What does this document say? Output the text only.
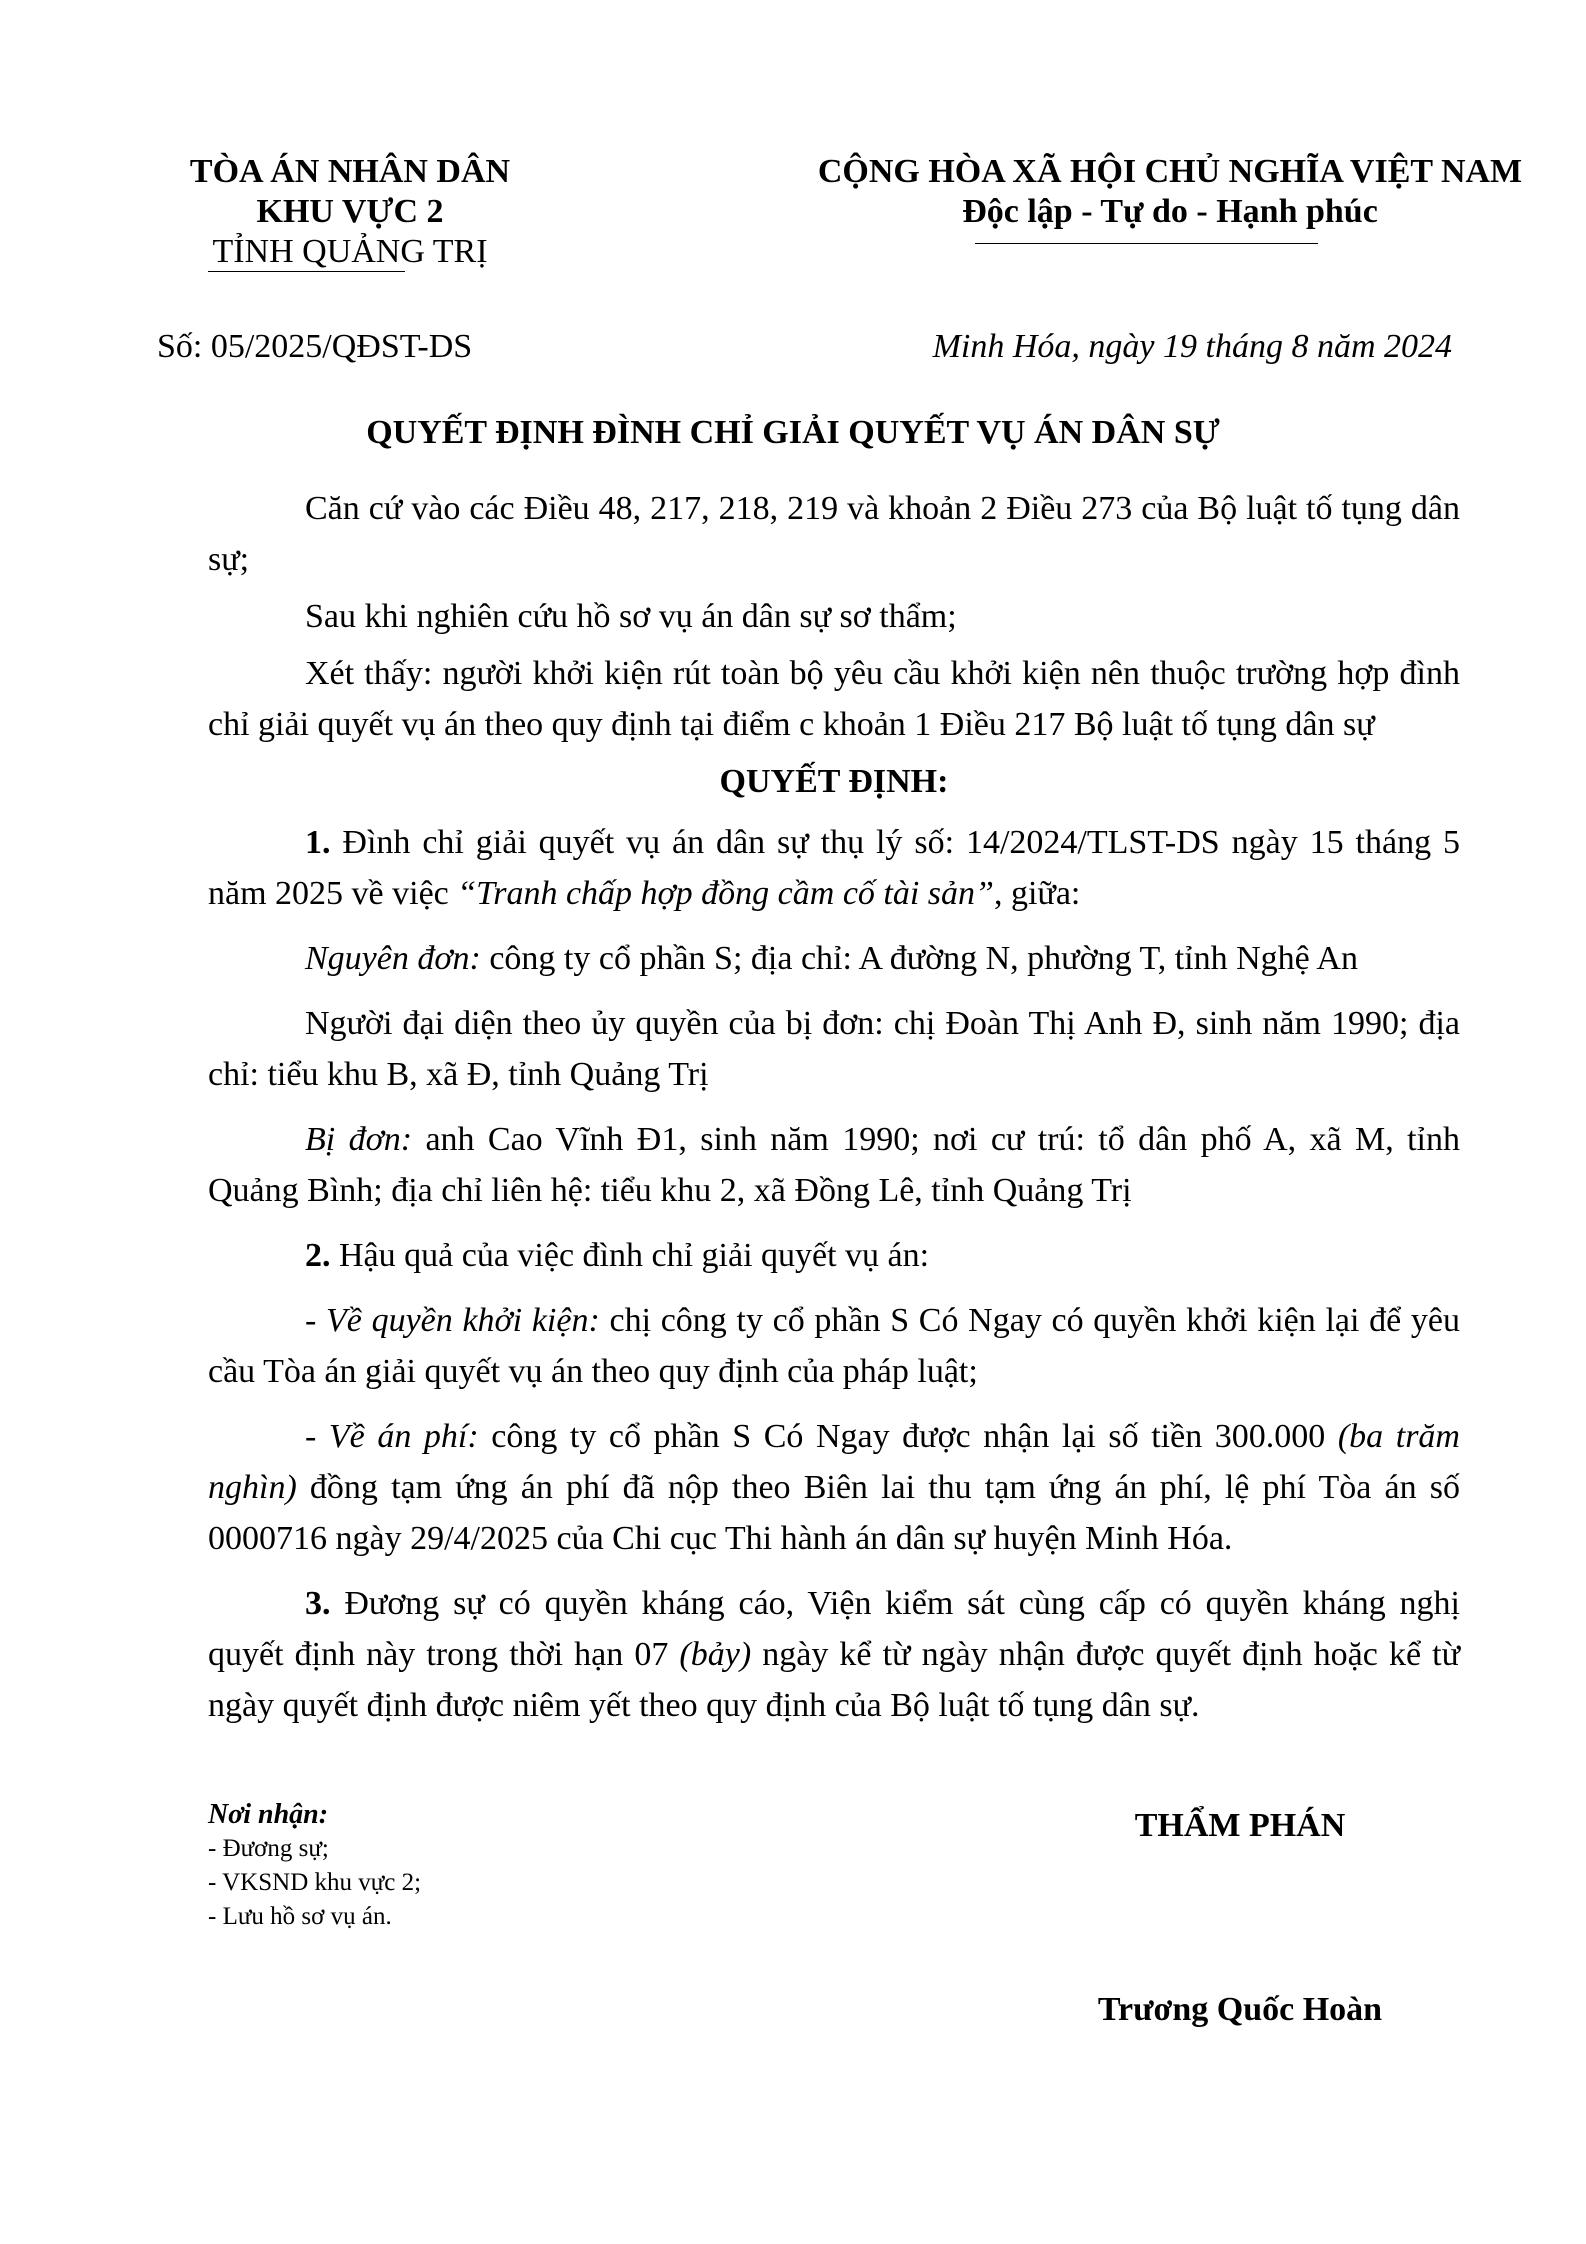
TÒA ÁN NHÂN DÂN
KHU VỰC 2
TỈNH QUẢNG TRỊ
CỘNG HÒA XÃ HỘI CHỦ NGHĨA VIỆT NAM
Độc lập - Tự do - Hạnh phúc
Số: 05/2025/QĐST-DS	Minh Hóa, ngày 19 tháng 8 năm 2024
QUYẾT ĐỊNH ĐÌNH CHỈ GIẢI QUYẾT VỤ ÁN DÂN SỰ

Căn cứ vào các Điều 48, 217, 218, 219 và khoản 2 Điều 273 của Bộ luật tố tụng dân sự;

Sau khi nghiên cứu hồ sơ vụ án dân sự sơ thẩm;

Xét thấy: người khởi kiện rút toàn bộ yêu cầu khởi kiện nên thuộc trường hợp đình chỉ giải quyết vụ án theo quy định tại điểm c khoản 1 Điều 217 Bộ luật tố tụng dân sự

QUYẾT ĐỊNH:

1. Đình chỉ giải quyết vụ án dân sự thụ lý số: 14/2024/TLST-DS ngày 15 tháng 5 năm 2025 về việc “Tranh chấp hợp đồng cầm cố tài sản”, giữa:

Nguyên đơn: công ty cổ phần S; địa chỉ: A đường N, phường T, tỉnh Nghệ An

Người đại diện theo ủy quyền của bị đơn: chị Đoàn Thị Anh Đ, sinh năm 1990; địa chỉ: tiểu khu B, xã Đ, tỉnh Quảng Trị

Bị đơn: anh Cao Vĩnh Đ1, sinh năm 1990; nơi cư trú: tổ dân phố A, xã M, tỉnh Quảng Bình; địa chỉ liên hệ: tiểu khu 2, xã Đồng Lê, tỉnh Quảng Trị

2. Hậu quả của việc đình chỉ giải quyết vụ án:

- Về quyền khởi kiện: chị công ty cổ phần S Có Ngay có quyền khởi kiện lại để yêu cầu Tòa án giải quyết vụ án theo quy định của pháp luật;

- Về án phí: công ty cổ phần S Có Ngay được nhận lại số tiền 300.000 (ba trăm nghìn) đồng tạm ứng án phí đã nộp theo Biên lai thu tạm ứng án phí, lệ phí Tòa án số 0000716 ngày 29/4/2025 của Chi cục Thi hành án dân sự huyện Minh Hóa.

3. Đương sự có quyền kháng cáo, Viện kiểm sát cùng cấp có quyền kháng nghị quyết định này trong thời hạn 07 (bảy) ngày kể từ ngày nhận được quyết định hoặc kể từ ngày quyết định được niêm yết theo quy định của Bộ luật tố tụng dân sự.

Nơi nhận:
- Đương sự;
- VKSND khu vực 2;
- Lưu hồ sơ vụ án.
THẨM PHÁN
Trương Quốc Hoàn
